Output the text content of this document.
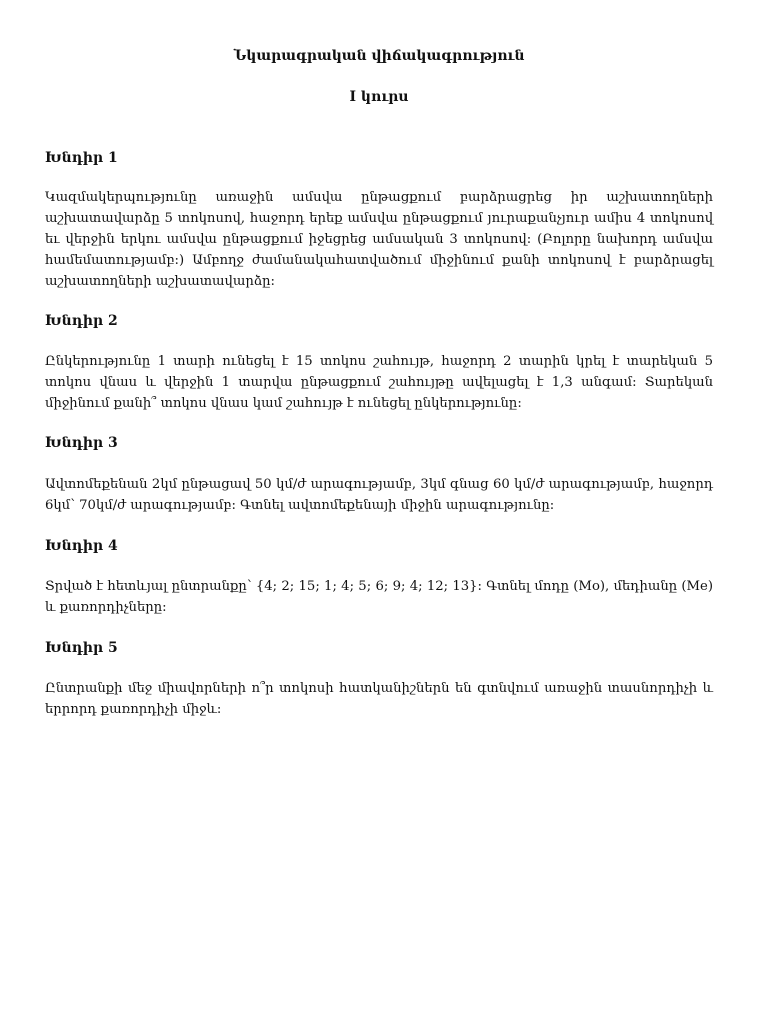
Նկարագրական վիճակագրություն
I կուրս
Խնդիր 1

Կազմակերպությունը առաջին ամսվա ընթացքում բարձրացրեց իր աշխատողների աշխատավարձը 5 տոկոսով, հաջորդ երեք ամսվա ընթացքում յուրաքանչյուր ամիս 4 տոկոսով եւ վերջին երկու ամսվա ընթացքում իջեցրեց ամսական 3 տոկոսով: (Բոլորը նախորդ ամսվա համեմատությամբ:) Ամբողջ ժամանակահատվածում միջինում քանի տոկոսով է բարձրացել աշխատողների աշխատավարձը:

Խնդիր 2

Ընկերությունը 1 տարի ունեցել է 15 տոկոս շահույթ, հաջորդ 2 տարին կրել է տարեկան 5 տոկոս վնաս և վերջին 1 տարվա ընթացքում շահույթը ավելացել է 1,3 անգամ: Տարեկան միջինում քանի՞ տոկոս վնաս կամ շահույթ է ունեցել ընկերությունը:

Խնդիր 3

Ավտոմեքենան 2կմ ընթացավ 50 կմ/ժ արագությամբ, 3կմ գնաց 60 կմ/ժ արագությամբ, հաջորդ 6կմ՝ 70կմ/ժ արագությամբ: Գտնել ավտոմեքենայի միջին արագությունը:

Խնդիր 4

Տրված է հետևյալ ընտրանքը՝ {4; 2; 15; 1; 4; 5; 6; 9; 4; 12; 13}: Գտնել մոդը (Mo), մեդիանը (Me) և քառորդիչները:

Խնդիր 5

Ընտրանքի մեջ միավորների ո՞ր տոկոսի հատկանիշներն են գտնվում առաջին տասնորդիչի և երրորդ քառորդիչի միջև:
